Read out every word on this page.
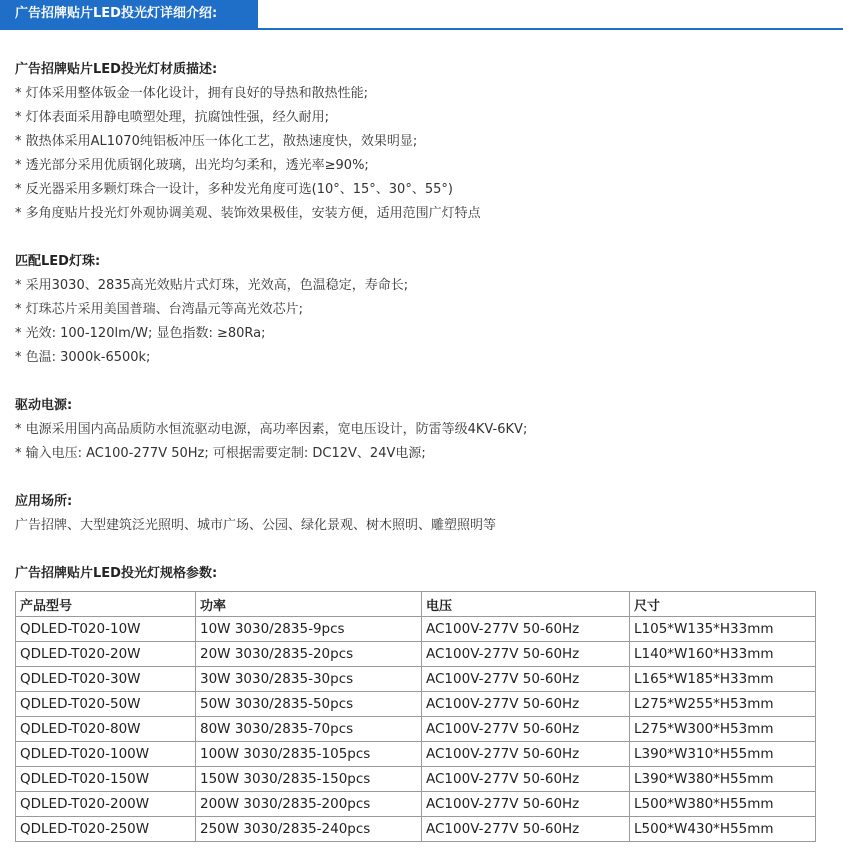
广告招牌贴片LED投光灯详细介绍:
广告招牌贴片LED投光灯材质描述:
* 灯体采用整体钣金一体化设计，拥有良好的导热和散热性能;
* 灯体表面采用静电喷塑处理，抗腐蚀性强，经久耐用;
* 散热体采用AL1070纯铝板冲压一体化工艺，散热速度快，效果明显;
* 透光部分采用优质钢化玻璃，出光均匀柔和，透光率≥90%;
* 反光器采用多颗灯珠合一设计，多种发光角度可选(10°、15°、30°、55°)
* 多角度贴片投光灯外观协调美观、装饰效果极佳，安装方便，适用范围广灯特点
匹配LED灯珠:
* 采用3030、2835高光效贴片式灯珠，光效高，色温稳定，寿命长;
* 灯珠芯片采用美国普瑞、台湾晶元等高光效芯片;
* 光效: 100-120lm/W; 显色指数: ≥80Ra;
* 色温: 3000k-6500k;
驱动电源:
* 电源采用国内高品质防水恒流驱动电源，高功率因素，宽电压设计，防雷等级4KV-6KV;
* 输入电压: AC100-277V 50Hz; 可根据需要定制: DC12V、24V电源;
应用场所:
广告招牌、大型建筑泛光照明、城市广场、公园、绿化景观、树木照明、雕塑照明等
广告招牌贴片LED投光灯规格参数:
产品型号	功率	电压	尺寸
QDLED-T020-10W	10W 3030/2835-9pcs	AC100V-277V 50-60Hz	L105*W135*H33mm
QDLED-T020-20W	20W 3030/2835-20pcs	AC100V-277V 50-60Hz	L140*W160*H33mm
QDLED-T020-30W	30W 3030/2835-30pcs	AC100V-277V 50-60Hz	L165*W185*H33mm
QDLED-T020-50W	50W 3030/2835-50pcs	AC100V-277V 50-60Hz	L275*W255*H53mm
QDLED-T020-80W	80W 3030/2835-70pcs	AC100V-277V 50-60Hz	L275*W300*H53mm
QDLED-T020-100W	100W 3030/2835-105pcs	AC100V-277V 50-60Hz	L390*W310*H55mm
QDLED-T020-150W	150W 3030/2835-150pcs	AC100V-277V 50-60Hz	L390*W380*H55mm
QDLED-T020-200W	200W 3030/2835-200pcs	AC100V-277V 50-60Hz	L500*W380*H55mm
QDLED-T020-250W	250W 3030/2835-240pcs	AC100V-277V 50-60Hz	L500*W430*H55mm
